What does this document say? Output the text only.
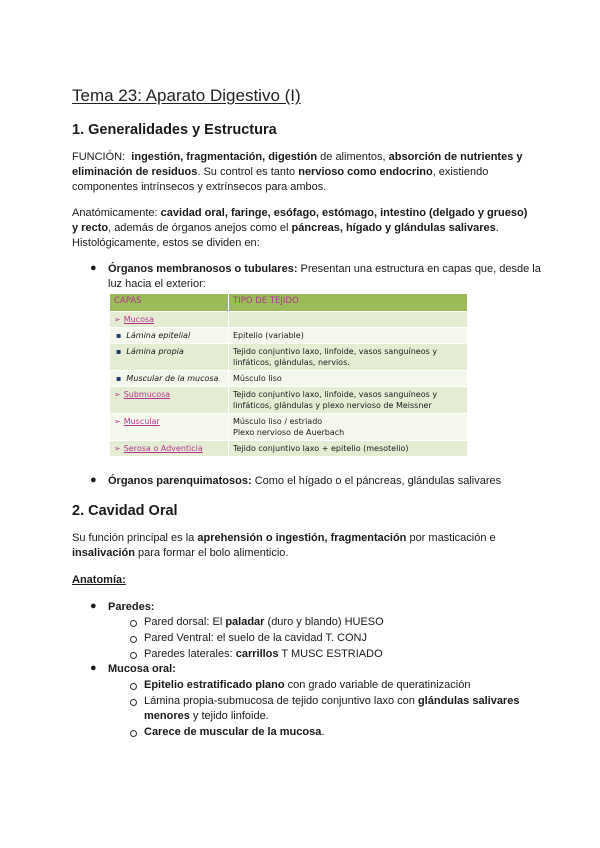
Tema 23: Aparato Digestivo (I)
1. Generalidades y Estructura
FUNCIÓN: ingestión, fragmentación, digestión de alimentos, absorción de nutrientes y eliminación de residuos. Su control es tanto nervioso como endocrino, existiendo componentes intrínsecos y extrínsecos para ambos.
Anatómicamente: cavidad oral, faringe, esófago, estómago, intestino (delgado y grueso) y recto, además de órganos anejos como el páncreas, hígado y glándulas salivares. Histológicamente, estos se dividen en:
● Órganos membranosos o tubulares: Presentan una estructura en capas que, desde la luz hacia el exterior:
CAPAS	TIPO DE TEJIDO
➢ Mucosa	
▪ Lámina epitelial	Epitelio (variable)
▪ Lámina propia	Tejido conjuntivo laxo, linfoide, vasos sanguíneos y linfáticos, glándulas, nervios.
▪ Muscular de la mucosa	Músculo liso
➢ Submucosa	Tejido conjuntivo laxo, linfoide, vasos sanguíneos y linfáticos, glándulas y plexo nervioso de Meissner
➢ Muscular	Músculo liso / estriado
Plexo nervioso de Auerbach
➢ Serosa o Adventicia	Tejido conjuntivo laxo + epitelio (mesotelio)
● Órganos parenquimatosos: Como el hígado o el páncreas, glándulas salivares
2. Cavidad Oral
Su función principal es la aprehensión o ingestión, fragmentación por masticación e insalivación para formar el bolo alimenticio.
Anatomía:
● Paredes:
Pared dorsal: El paladar (duro y blando) HUESO
Pared Ventral: el suelo de la cavidad T. CONJ
Paredes laterales: carrillos T MUSC ESTRIADO
● Mucosa oral:
Epitelio estratificado plano con grado variable de queratinización
Lámina propia-submucosa de tejido conjuntivo laxo con glándulas salivares menores y tejido linfoide.
Carece de muscular de la mucosa.
